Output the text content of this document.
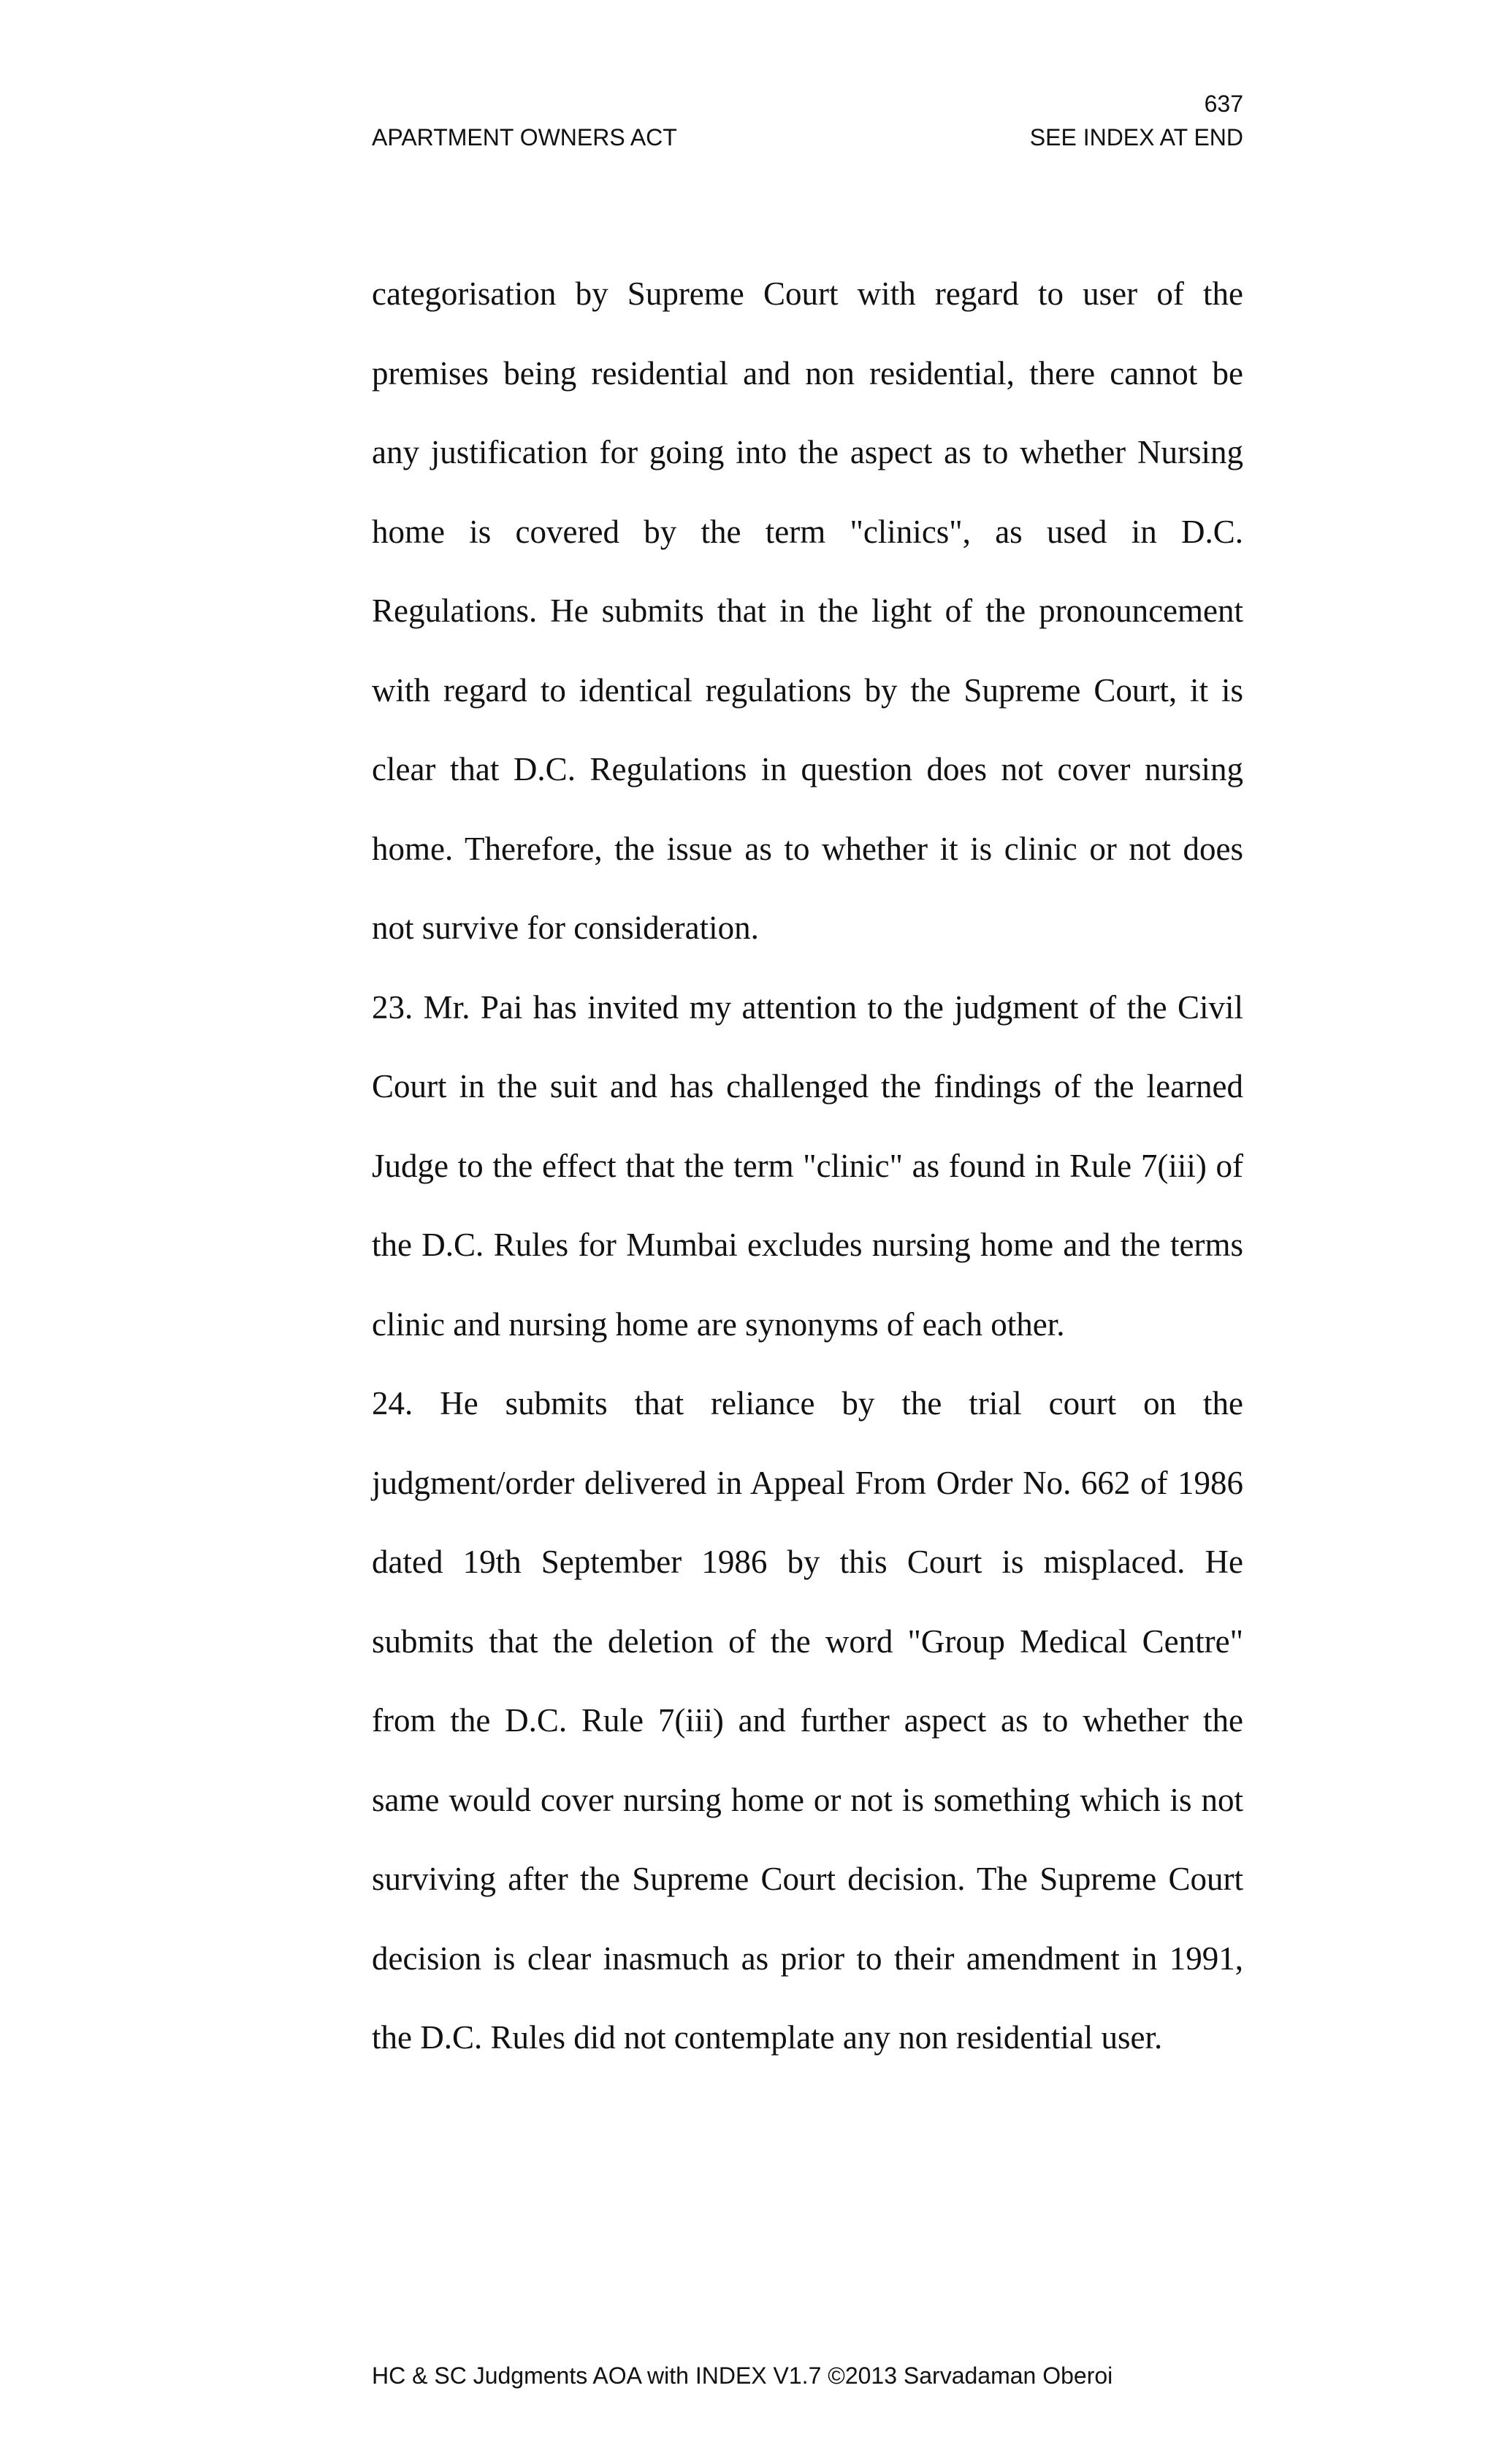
637
APARTMENT OWNERS ACT	SEE INDEX AT END

categorisation by Supreme Court with regard to user of the premises being residential and non residential, there cannot be any justification for going into the aspect as to whether Nursing home is covered by the term "clinics", as used in D.C. Regulations. He submits that in the light of the pronouncement with regard to identical regulations by the Supreme Court, it is clear that D.C. Regulations in question does not cover nursing home. Therefore, the issue as to whether it is clinic or not does not survive for consideration.

23. Mr. Pai has invited my attention to the judgment of the Civil Court in the suit and has challenged the findings of the learned Judge to the effect that the term "clinic" as found in Rule 7(iii) of the D.C. Rules for Mumbai excludes nursing home and the terms clinic and nursing home are synonyms of each other.

24. He submits that reliance by the trial court on the judgment/order delivered in Appeal From Order No. 662 of 1986 dated 19th September 1986 by this Court is misplaced. He submits that the deletion of the word "Group Medical Centre" from the D.C. Rule 7(iii) and further aspect as to whether the same would cover nursing home or not is something which is not surviving after the Supreme Court decision. The Supreme Court decision is clear inasmuch as prior to their amendment in 1991, the D.C. Rules did not contemplate any non residential user.

HC & SC Judgments AOA with INDEX V1.7 ©2013 Sarvadaman Oberoi
